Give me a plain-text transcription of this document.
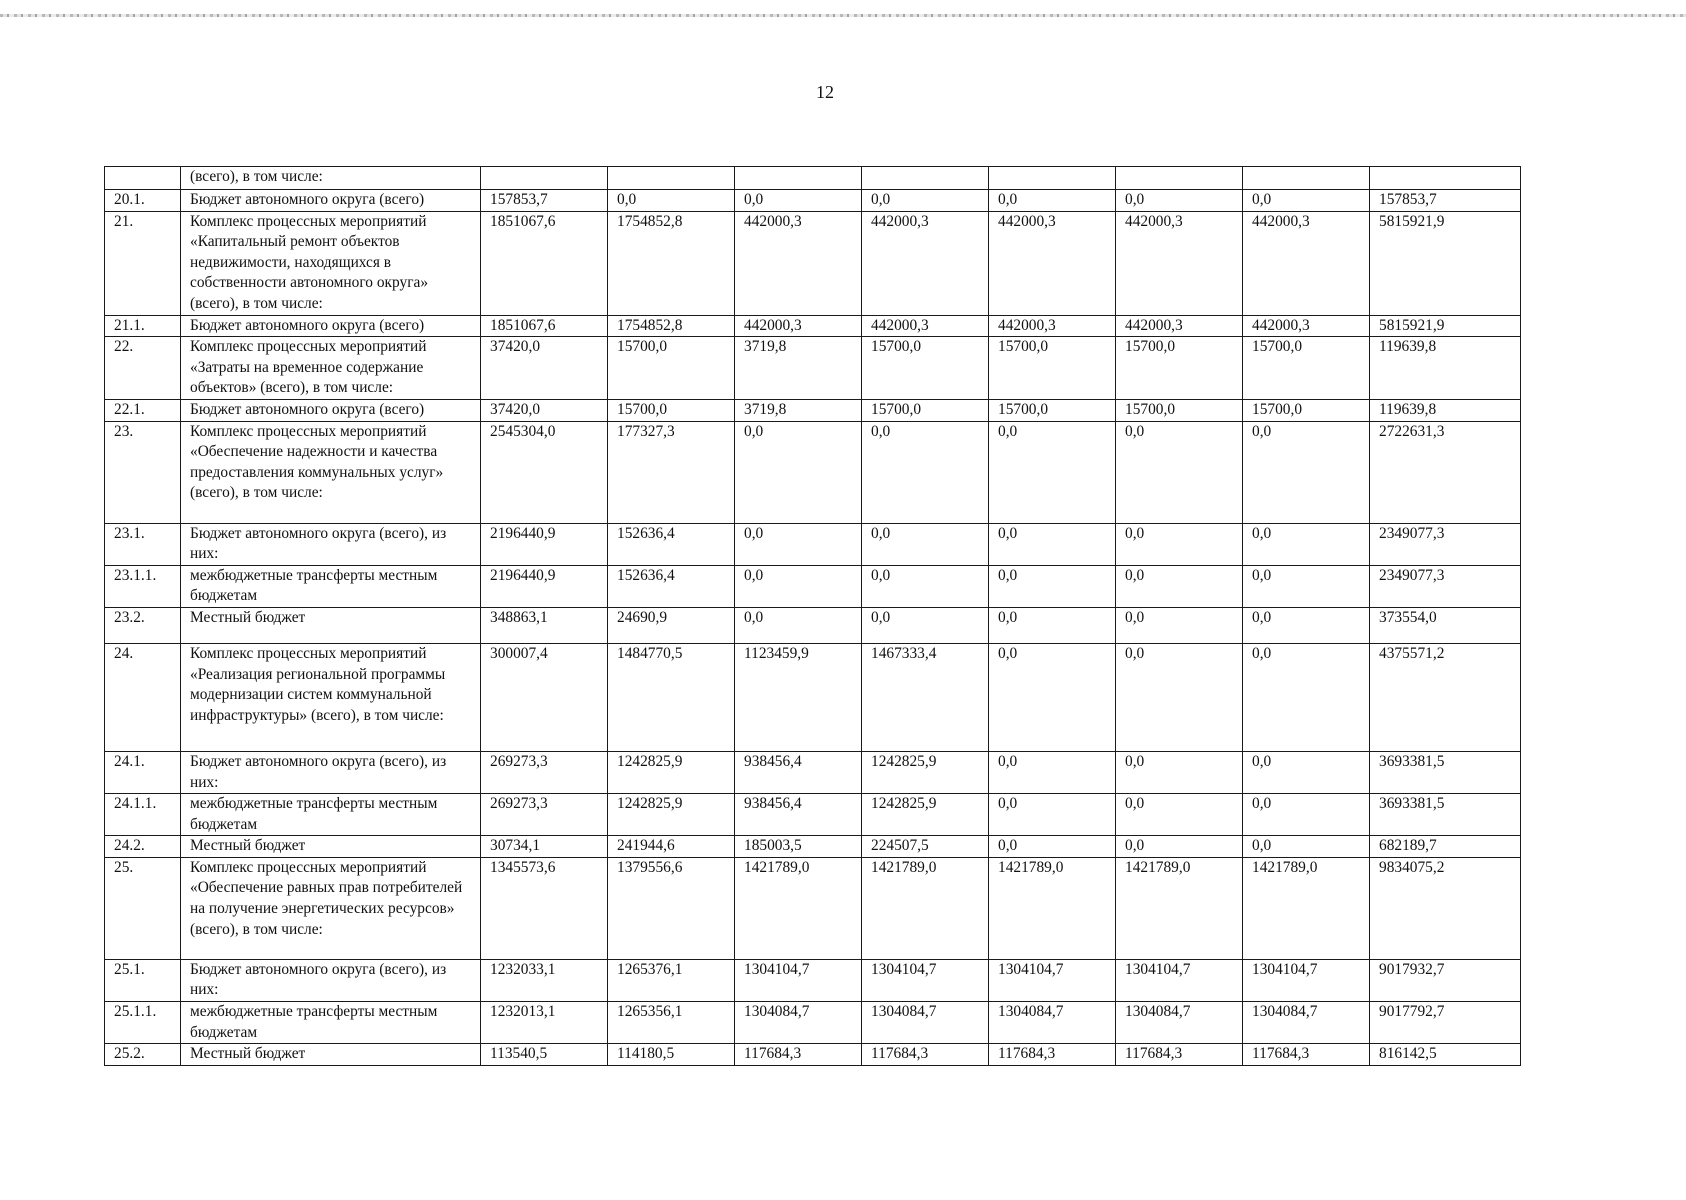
12
	(всего), в том числе:								
20.1.	Бюджет автономного округа (всего)	157853,7	0,0	0,0	0,0	0,0	0,0	0,0	157853,7
21.	Комплекс процессных мероприятий «Капитальный ремонт объектов недвижимости, находящихся в собственности автономного округа» (всего), в том числе:	1851067,6	1754852,8	442000,3	442000,3	442000,3	442000,3	442000,3	5815921,9
21.1.	Бюджет автономного округа (всего)	1851067,6	1754852,8	442000,3	442000,3	442000,3	442000,3	442000,3	5815921,9
22.	Комплекс процессных мероприятий «Затраты на временное содержание объектов» (всего), в том числе:	37420,0	15700,0	3719,8	15700,0	15700,0	15700,0	15700,0	119639,8
22.1.	Бюджет автономного округа (всего)	37420,0	15700,0	3719,8	15700,0	15700,0	15700,0	15700,0	119639,8
23.	Комплекс процессных мероприятий «Обеспечение надежности и качества предоставления коммунальных услуг» (всего), в том числе:	2545304,0	177327,3	0,0	0,0	0,0	0,0	0,0	2722631,3
23.1.	Бюджет автономного округа (всего), из них:	2196440,9	152636,4	0,0	0,0	0,0	0,0	0,0	2349077,3
23.1.1.	межбюджетные трансферты местным бюджетам	2196440,9	152636,4	0,0	0,0	0,0	0,0	0,0	2349077,3
23.2.	Местный бюджет	348863,1	24690,9	0,0	0,0	0,0	0,0	0,0	373554,0
24.	Комплекс процессных мероприятий «Реализация региональной программы модернизации систем коммунальной инфраструктуры» (всего), в том числе:	300007,4	1484770,5	1123459,9	1467333,4	0,0	0,0	0,0	4375571,2
24.1.	Бюджет автономного округа (всего), из них:	269273,3	1242825,9	938456,4	1242825,9	0,0	0,0	0,0	3693381,5
24.1.1.	межбюджетные трансферты местным бюджетам	269273,3	1242825,9	938456,4	1242825,9	0,0	0,0	0,0	3693381,5
24.2.	Местный бюджет	30734,1	241944,6	185003,5	224507,5	0,0	0,0	0,0	682189,7
25.	Комплекс процессных мероприятий «Обеспечение равных прав потребителей на получение энергетических ресурсов» (всего), в том числе:	1345573,6	1379556,6	1421789,0	1421789,0	1421789,0	1421789,0	1421789,0	9834075,2
25.1.	Бюджет автономного округа (всего), из них:	1232033,1	1265376,1	1304104,7	1304104,7	1304104,7	1304104,7	1304104,7	9017932,7
25.1.1.	межбюджетные трансферты местным бюджетам	1232013,1	1265356,1	1304084,7	1304084,7	1304084,7	1304084,7	1304084,7	9017792,7
25.2.	Местный бюджет	113540,5	114180,5	117684,3	117684,3	117684,3	117684,3	117684,3	816142,5
